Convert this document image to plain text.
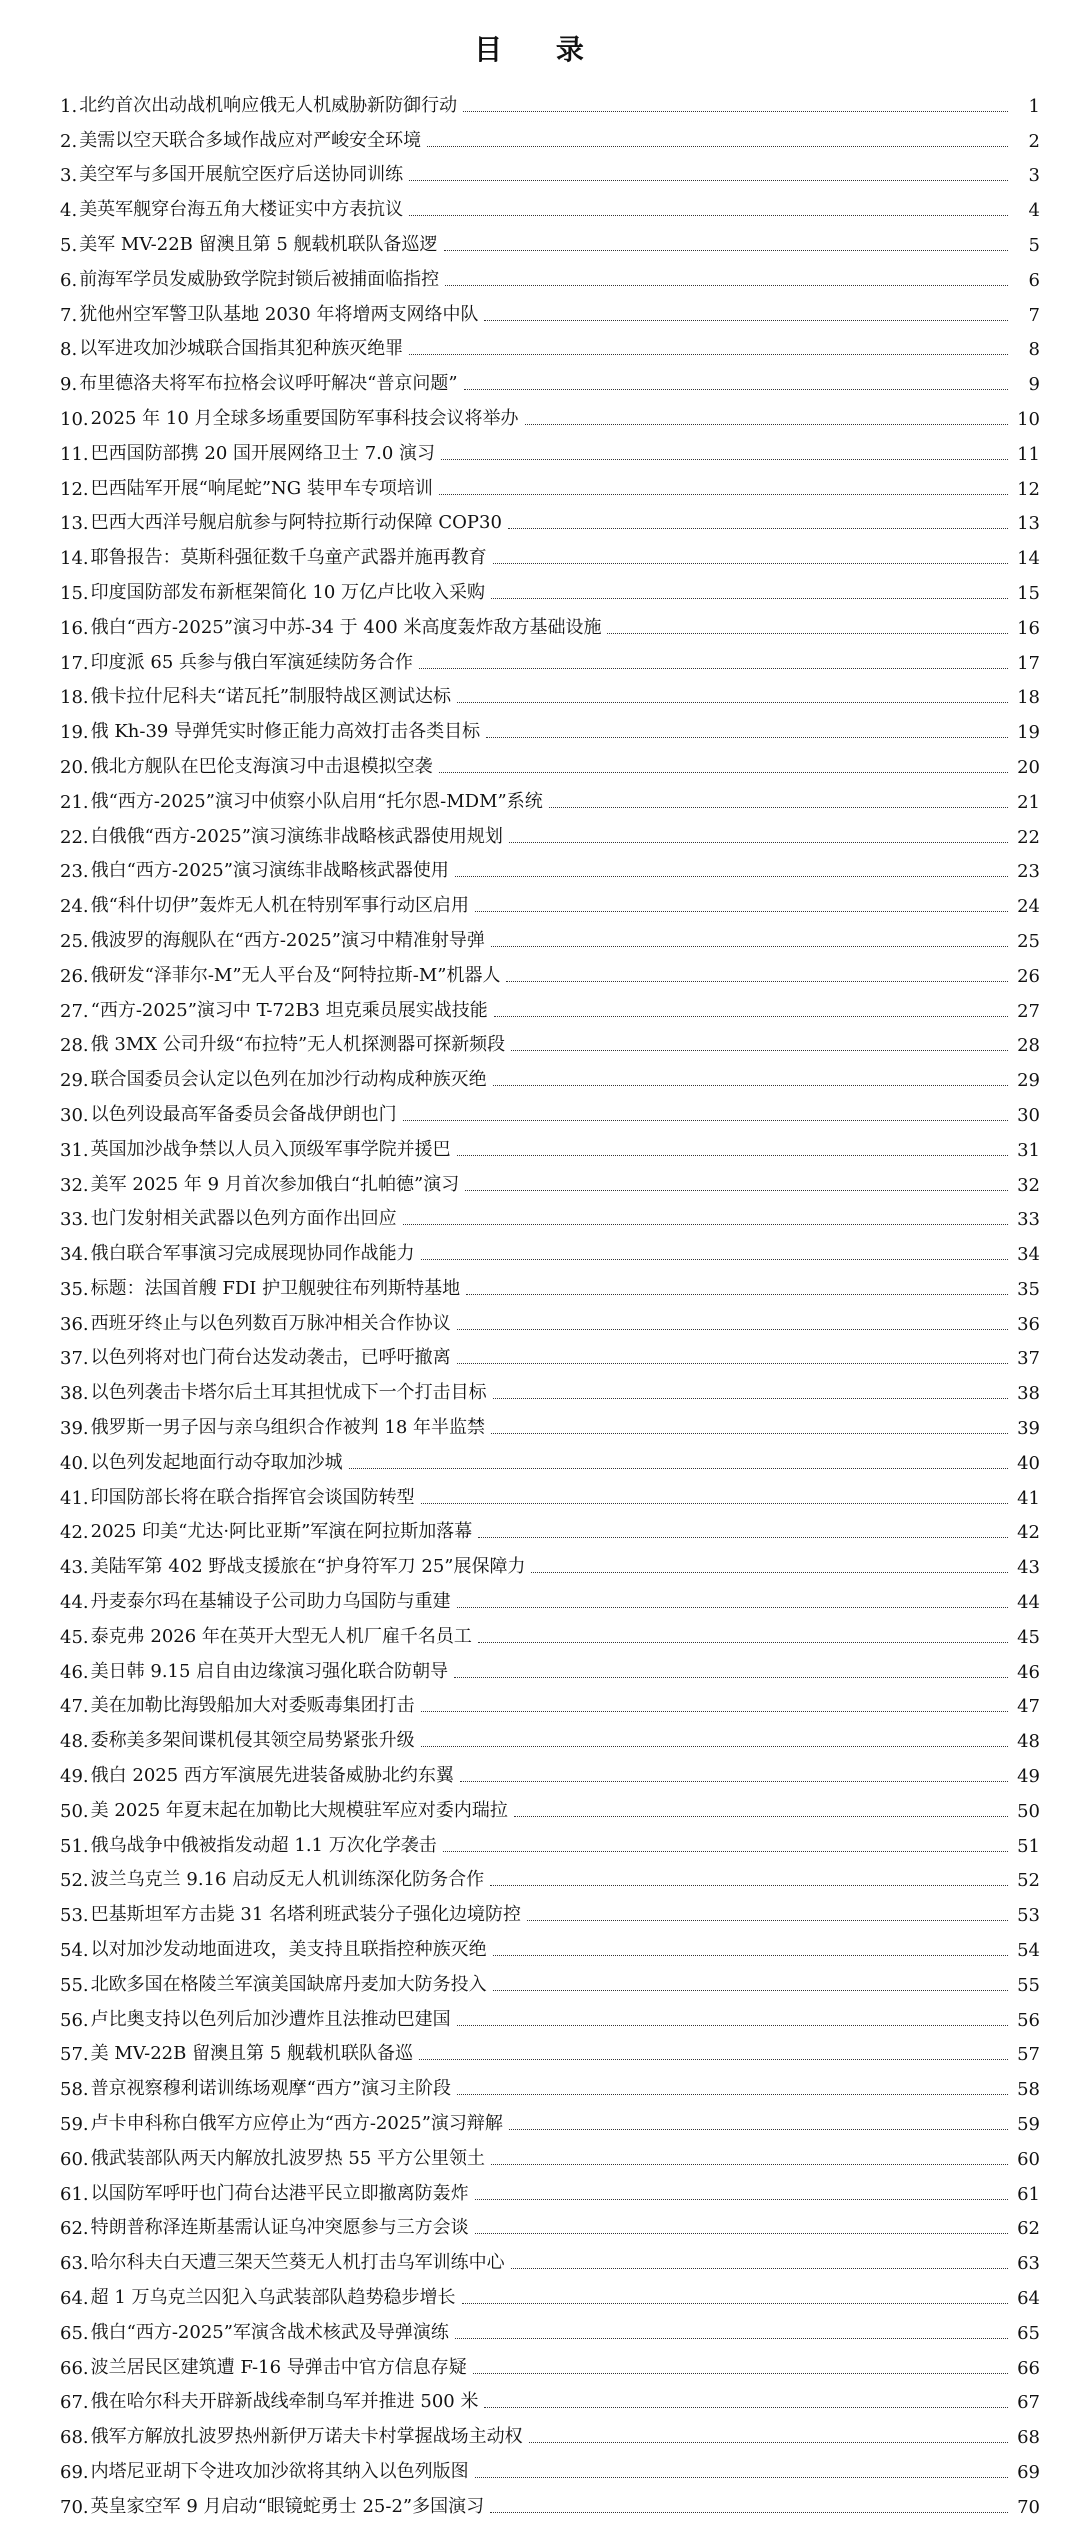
目 录
1. 北约首次出动战机响应俄无人机威胁新防御行动	1
2. 美需以空天联合多域作战应对严峻安全环境	2
3. 美空军与多国开展航空医疗后送协同训练	3
4. 美英军舰穿台海五角大楼证实中方表抗议	4
5. 美军 MV-22B 留澳且第 5 舰载机联队备巡逻	5
6. 前海军学员发威胁致学院封锁后被捕面临指控	6
7. 犹他州空军警卫队基地 2030 年将增两支网络中队	7
8. 以军进攻加沙城联合国指其犯种族灭绝罪	8
9. 布里德洛夫将军布拉格会议呼吁解决“普京问题”	9
10. 2025 年 10 月全球多场重要国防军事科技会议将举办	10
11. 巴西国防部携 20 国开展网络卫士 7.0 演习	11
12. 巴西陆军开展“响尾蛇”NG 装甲车专项培训	12
13. 巴西大西洋号舰启航参与阿特拉斯行动保障 COP30	13
14. 耶鲁报告：莫斯科强征数千乌童产武器并施再教育	14
15. 印度国防部发布新框架简化 10 万亿卢比收入采购	15
16. 俄白“西方-2025”演习中苏-34 于 400 米高度轰炸敌方基础设施	16
17. 印度派 65 兵参与俄白军演延续防务合作	17
18. 俄卡拉什尼科夫“诺瓦托”制服特战区测试达标	18
19. 俄 Kh-39 导弹凭实时修正能力高效打击各类目标	19
20. 俄北方舰队在巴伦支海演习中击退模拟空袭	20
21. 俄“西方-2025”演习中侦察小队启用“托尔恩-MDM”系统	21
22. 白俄俄“西方-2025”演习演练非战略核武器使用规划	22
23. 俄白“西方-2025”演习演练非战略核武器使用	23
24. 俄“科什切伊”轰炸无人机在特别军事行动区启用	24
25. 俄波罗的海舰队在“西方-2025”演习中精准射导弹	25
26. 俄研发“泽菲尔-M”无人平台及“阿特拉斯-M”机器人	26
27. “西方-2025”演习中 T-72B3 坦克乘员展实战技能	27
28. 俄 3MX 公司升级“布拉特”无人机探测器可探新频段	28
29. 联合国委员会认定以色列在加沙行动构成种族灭绝	29
30. 以色列设最高军备委员会备战伊朗也门	30
31. 英国加沙战争禁以人员入顶级军事学院并援巴	31
32. 美军 2025 年 9 月首次参加俄白“扎帕德”演习	32
33. 也门发射相关武器以色列方面作出回应	33
34. 俄白联合军事演习完成展现协同作战能力	34
35. 标题：法国首艘 FDI 护卫舰驶往布列斯特基地	35
36. 西班牙终止与以色列数百万脉冲相关合作协议	36
37. 以色列将对也门荷台达发动袭击，已呼吁撤离	37
38. 以色列袭击卡塔尔后土耳其担忧成下一个打击目标	38
39. 俄罗斯一男子因与亲乌组织合作被判 18 年半监禁	39
40. 以色列发起地面行动夺取加沙城	40
41. 印国防部长将在联合指挥官会谈国防转型	41
42. 2025 印美“尤达·阿比亚斯”军演在阿拉斯加落幕	42
43. 美陆军第 402 野战支援旅在“护身符军刀 25”展保障力	43
44. 丹麦泰尔玛在基辅设子公司助力乌国防与重建	44
45. 泰克弗 2026 年在英开大型无人机厂雇千名员工	45
46. 美日韩 9.15 启自由边缘演习强化联合防朝导	46
47. 美在加勒比海毁船加大对委贩毒集团打击	47
48. 委称美多架间谍机侵其领空局势紧张升级	48
49. 俄白 2025 西方军演展先进装备威胁北约东翼	49
50. 美 2025 年夏末起在加勒比大规模驻军应对委内瑞拉	50
51. 俄乌战争中俄被指发动超 1.1 万次化学袭击	51
52. 波兰乌克兰 9.16 启动反无人机训练深化防务合作	52
53. 巴基斯坦军方击毙 31 名塔利班武装分子强化边境防控	53
54. 以对加沙发动地面进攻，美支持且联指控种族灭绝	54
55. 北欧多国在格陵兰军演美国缺席丹麦加大防务投入	55
56. 卢比奥支持以色列后加沙遭炸且法推动巴建国	56
57. 美 MV-22B 留澳且第 5 舰载机联队备巡	57
58. 普京视察穆利诺训练场观摩“西方”演习主阶段	58
59. 卢卡申科称白俄军方应停止为“西方-2025”演习辩解	59
60. 俄武装部队两天内解放扎波罗热 55 平方公里领土	60
61. 以国防军呼吁也门荷台达港平民立即撤离防轰炸	61
62. 特朗普称泽连斯基需认证乌冲突愿参与三方会谈	62
63. 哈尔科夫白天遭三架天竺葵无人机打击乌军训练中心	63
64. 超 1 万乌克兰囚犯入乌武装部队趋势稳步增长	64
65. 俄白“西方-2025”军演含战术核武及导弹演练	65
66. 波兰居民区建筑遭 F-16 导弹击中官方信息存疑	66
67. 俄在哈尔科夫开辟新战线牵制乌军并推进 500 米	67
68. 俄军方解放扎波罗热州新伊万诺夫卡村掌握战场主动权	68
69. 内塔尼亚胡下令进攻加沙欲将其纳入以色列版图	69
70. 英皇家空军 9 月启动“眼镜蛇勇士 25-2”多国演习	70
